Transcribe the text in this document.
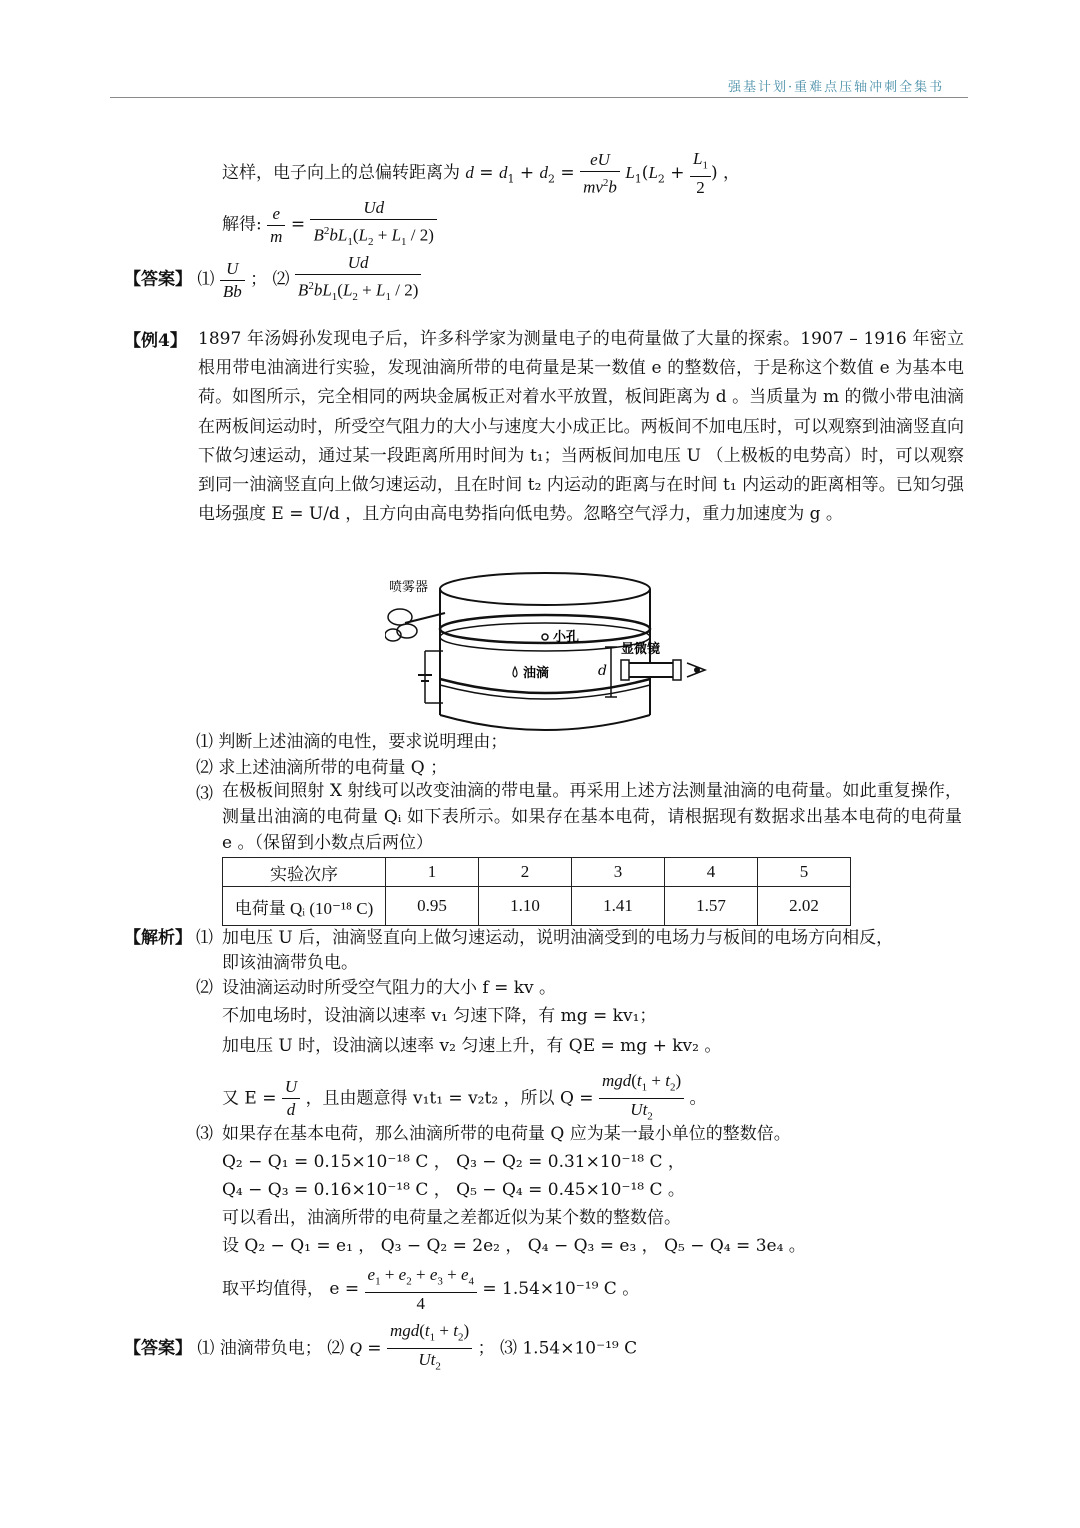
强基计划·重难点压轴冲刺全集书
这样，电子向上的总偏转距离为 $d = d_1 + d_2 = \frac{eU}{mv^2b} L_1(L_2 + \frac{L_1}{2}$ ) ，
解得: $\frac{e}{m} = \frac{Ud}{B^2bL_1(L_2 + L_1 / 2)}$
【答案】 ⑴ $\frac{U}{Bb}$ ； ⑵ $\frac{Ud}{B^2bL_1(L_2 + L_1 / 2)}$
【例4】 1897 年汤姆孙发现电子后，许多科学家为测量电子的电荷量做了大量的探索。1907 – 1916 年密立根用带电油滴进行实验，发现油滴所带的电荷量是某一数值 e 的整数倍，于是称这个数值 e 为基本电荷。如图所示，完全相同的两块金属板正对着水平放置，板间距离为 d 。当质量为 m 的微小带电油滴在两板间运动时，所受空气阻力的大小与速度大小成正比。两板间不加电压时，可以观察到油滴竖直向下做匀速运动，通过某一段距离所用时间为 t₁；当两板间加电压 U （上极板的电势高）时，可以观察到同一油滴竖直向上做匀速运动，且在时间 t₂ 内运动的距离与在时间 t₁ 内运动的距离相等。已知匀强电场强度 E = U/d ，且方向由高电势指向低电势。忽略空气浮力，重力加速度为 g 。
喷雾器
小孔
油滴	d
显微镜
⑴ 判断上述油滴的电性，要求说明理由；
⑵ 求上述油滴所带的电荷量 Q ；
⑶ 在极板间照射 X 射线可以改变油滴的带电量。再采用上述方法测量油滴的电荷量。如此重复操作，测量出油滴的电荷量 Qᵢ 如下表所示。如果存在基本电荷，请根据现有数据求出基本电荷的电荷量 e 。（保留到小数点后两位）
实验次序	1	2	3	4	5
电荷量 Qᵢ (10⁻¹⁸ C)	0.95	1.10	1.41	1.57	2.02
【解析】 ⑴ 加电压 U 后，油滴竖直向上做匀速运动，说明油滴受到的电场力与板间的电场方向相反，
即该油滴带负电。
⑵ 设油滴运动时所受空气阻力的大小 f = kv 。
不加电场时，设油滴以速率 v₁ 匀速下降，有 mg = kv₁；
加电压 U 时，设油滴以速率 v₂ 匀速上升，有 QE = mg + kv₂ 。
又 $E = \frac{U}{d}$ ，且由题意得 v₁t₁ = v₂t₂ ，所以 $Q = \frac{mgd(t_1 + t_2)}{Ut_2}$ 。
⑶ 如果存在基本电荷，那么油滴所带的电荷量 Q 应为某一最小单位的整数倍。
Q₂ − Q₁ = 0.15×10⁻¹⁸ C ， Q₃ − Q₂ = 0.31×10⁻¹⁸ C ，
Q₄ − Q₃ = 0.16×10⁻¹⁸ C ， Q₅ − Q₄ = 0.45×10⁻¹⁸ C 。
可以看出，油滴所带的电荷量之差都近似为某个数的整数倍。
设 Q₂ − Q₁ = e₁ ， Q₃ − Q₂ = 2e₂ ， Q₄ − Q₃ = e₃ ， Q₅ − Q₄ = 3e₄ 。
取平均值得， $e = \frac{e_1 + e_2 + e_3 + e_4}{4} = 1.54\times 10^{-19}$ C 。
【答案】 ⑴ 油滴带负电； ⑵ $Q = \frac{mgd(t_1 + t_2)}{Ut_2}$ ； ⑶ 1.54×10⁻¹⁹ C
